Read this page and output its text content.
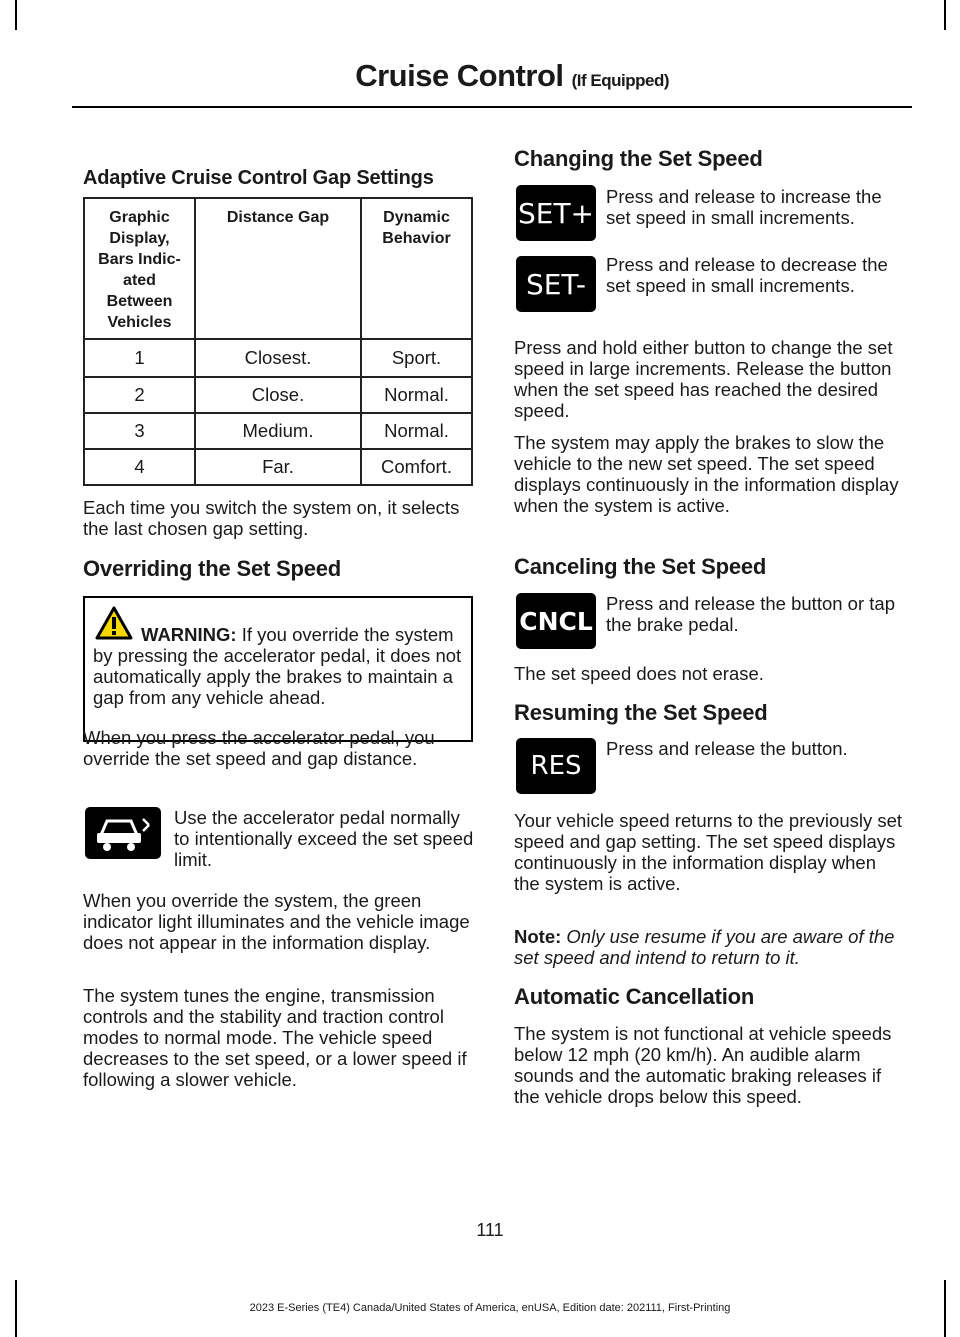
Cruise Control (If Equipped)
Adaptive Cruise Control Gap Settings
Graphic Display, Bars Indic-ated Between Vehicles	Distance Gap	Dynamic Behavior

1	Closest.	Sport.
2	Close.	Normal.
3	Medium.	Normal.
4	Far.	Comfort.
Each time you switch the system on, it selects the last chosen gap setting.
Overriding the Set Speed
WARNING: If you override the system by pressing the accelerator pedal, it does not automatically apply the brakes to maintain a gap from any vehicle ahead.
When you press the accelerator pedal, you override the set speed and gap distance.
Use the accelerator pedal normally to intentionally exceed the set speed limit.
When you override the system, the green indicator light illuminates and the vehicle image does not appear in the information display.
The system tunes the engine, transmission controls and the stability and traction control modes to normal mode. The vehicle speed decreases to the set speed, or a lower speed if following a slower vehicle.
Changing the Set Speed
SET+ Press and release to increase the set speed in small increments.
SET-
Press and release to decrease the set speed in small increments.
Press and hold either button to change the set speed in large increments. Release the button when the set speed has reached the desired speed.
The system may apply the brakes to slow the vehicle to the new set speed. The set speed displays continuously in the information display when the system is active.
Canceling the Set Speed
CNCL
Press and release the button or tap the brake pedal.
The set speed does not erase.
Resuming the Set Speed
RES
Press and release the button.
Your vehicle speed returns to the previously set speed and gap setting. The set speed displays continuously in the information display when the system is active.
Note: Only use resume if you are aware of the set speed and intend to return to it.
Automatic Cancellation
The system is not functional at vehicle speeds below 12 mph (20 km/h). An audible alarm sounds and the automatic braking releases if the vehicle drops below this speed.
111
2023 E-Series (TE4) Canada/United States of America, enUSA, Edition date: 202111, First-Printing
